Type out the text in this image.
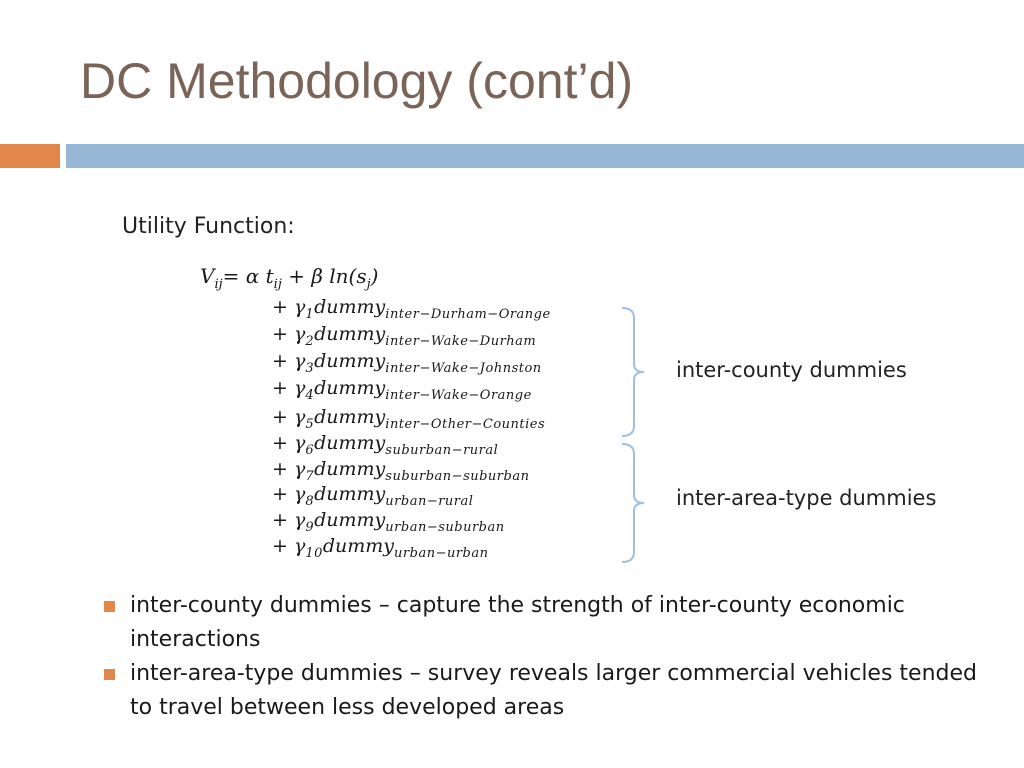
DC Methodology (cont’d)
Utility Function:
$V_{ij}= \alpha$ $t_{ij} + \beta$ $\ln(s_j)$
+ $\gamma_1dummy_{inter-Durham-Orange}$
+ $\gamma_2dummy_{inter-Wake-Durham}$
+ $\gamma_3dummy_{inter-Wake-Johnston}$
+ $\gamma_4dummy_{inter-Wake-Orange}$
+ $\gamma_5dummy_{inter-Other-Counties}$
+ $\gamma_6dummy_{suburban-rural}$
+ $\gamma_7dummy_{suburban-suburban}$
+ $\gamma_8dummy_{urban-rural}$
+ $\gamma_9dummy_{urban-suburban}$
+ $\gamma_{10}dummy_{urban-urban}$
inter-county dummies
inter-area-type dummies
inter-county dummies – capture the strength of inter-county economic interactions
inter-area-type dummies – survey reveals larger commercial vehicles tended to travel between less developed areas
